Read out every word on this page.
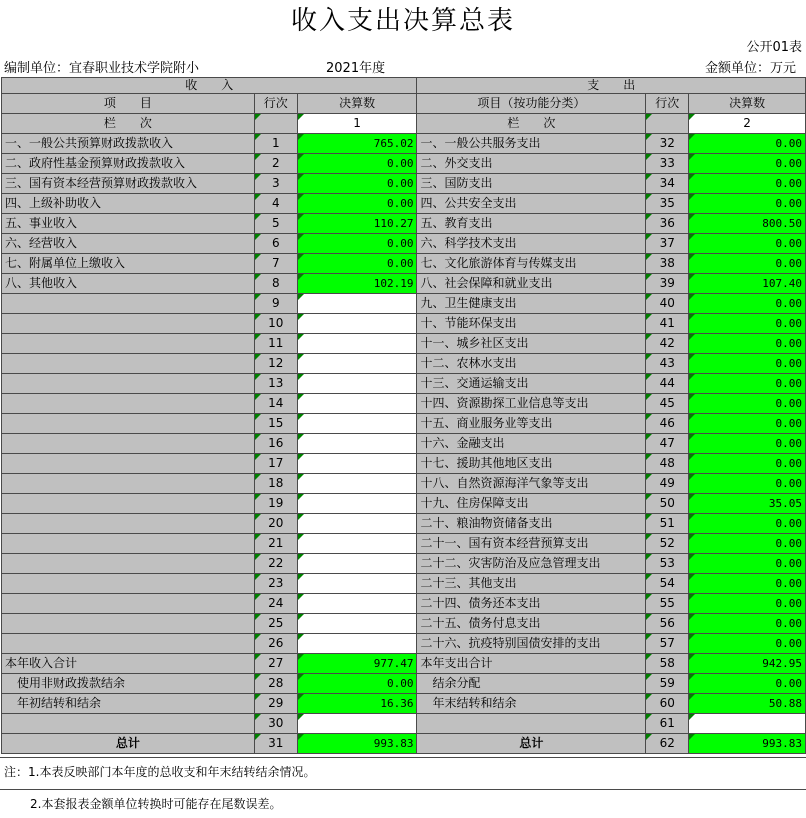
收入支出决算总表
公开01表
编制单位：宜春职业技术学院附小	2021年度	金额单位：万元
收　　入			支　　出		
项　　目	行次	决算数	项目（按功能分类）	行次	决算数
栏　　次		1	栏　　次		2
一、一般公共预算财政拨款收入	1	765.02	一、一般公共服务支出	32	0.00
二、政府性基金预算财政拨款收入	2	0.00	二、外交支出	33	0.00
三、国有资本经营预算财政拨款收入	3	0.00	三、国防支出	34	0.00
四、上级补助收入	4	0.00	四、公共安全支出	35	0.00
五、事业收入	5	110.27	五、教育支出	36	800.50
六、经营收入	6	0.00	六、科学技术支出	37	0.00
七、附属单位上缴收入	7	0.00	七、文化旅游体育与传媒支出	38	0.00
八、其他收入	8	102.19	八、社会保障和就业支出	39	107.40
	9		九、卫生健康支出	40	0.00
	10		十、节能环保支出	41	0.00
	11		十一、城乡社区支出	42	0.00
	12		十二、农林水支出	43	0.00
	13		十三、交通运输支出	44	0.00
	14		十四、资源勘探工业信息等支出	45	0.00
	15		十五、商业服务业等支出	46	0.00
	16		十六、金融支出	47	0.00
	17		十七、援助其他地区支出	48	0.00
	18		十八、自然资源海洋气象等支出	49	0.00
	19		十九、住房保障支出	50	35.05
	20		二十、粮油物资储备支出	51	0.00
	21		二十一、国有资本经营预算支出	52	0.00
	22		二十二、灾害防治及应急管理支出	53	0.00
	23		二十三、其他支出	54	0.00
	24		二十四、债务还本支出	55	0.00
	25		二十五、债务付息支出	56	0.00
	26		二十六、抗疫特别国债安排的支出	57	0.00
本年收入合计	27	977.47	本年支出合计	58	942.95
　使用非财政拨款结余	28	0.00	　结余分配	59	0.00
　年初结转和结余	29	16.36	　年末结转和结余	60	50.88
	30			61	
总计	31	993.83	总计	62	993.83
注：1.本表反映部门本年度的总收支和年末结转结余情况。
2.本套报表金额单位转换时可能存在尾数误差。
